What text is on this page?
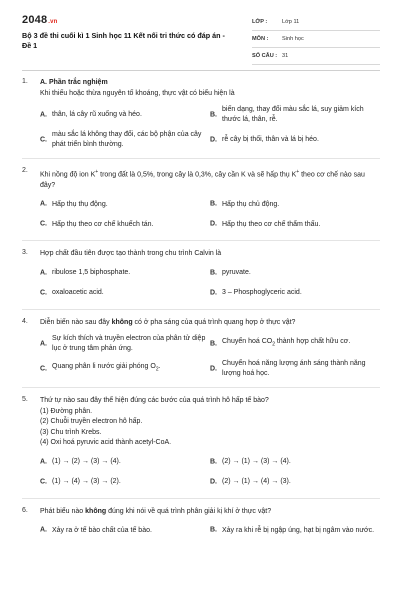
2048.vn
Bộ 3 đề thi cuối kì 1 Sinh học 11 Kết nối tri thức có đáp án - Đề 1
LỚP :	Lớp 11
MÔN : Sinh học
SỐ CÂU : 31
1. A. Phần trắc nghiệm
Khi thiếu hoặc thừa nguyên tố khoáng, thực vật có biểu hiện là
A. thân, lá cây rũ xuống và héo.	B.
biến dạng, thay đổi màu sắc lá, suy giảm kích thước lá, thân, rễ.
C.
màu sắc lá không thay đổi, các bộ phận của cây phát triển bình thường.
D. rễ cây bị thối, thân và lá bị héo.
2.
Khi nồng độ ion K+ trong đất là 0,5%, trong cây là 0,3%, cây cần K và sẽ hấp thụ K+ theo cơ chế nào sau đây?
A. Hấp thụ thụ động.	B. Hấp thụ chủ động.
C. Hấp thụ theo cơ chế khuếch tán.	D. Hấp thụ theo cơ chế thẩm thấu.
3. Hợp chất đầu tiên được tạo thành trong chu trình Calvin là
A. ribulose 1,5 biphosphate.	B. pyruvate.
C. oxaloacetic acid.	D. 3 – Phosphoglyceric acid.
4. Diễn biến nào sau đây không có ở pha sáng của quá trình quang hợp ở thực vật?
A.
Sự kích thích và truyền electron của phân tử diệp lục ở trung tâm phản ứng.
B. Chuyển hoá $CO_2$ thành hợp chất hữu cơ.
C. Quang phân li nước giải phóng $O_2$.	D.
Chuyển hoá năng lượng ánh sáng thành năng lượng hoá học.
5. Thứ tự nào sau đây thể hiện đúng các bước của quá trình hô hấp tế bào?
(1) Đường phân.
(2) Chuỗi truyền electron hô hấp.
(3) Chu trình Krebs.
(4) Oxi hoá pyruvic acid thành acetyl-CoA.
A. (1) → (2) → (3) → (4).	B. (2) → (1) → (3) → (4).
C. (1) → (4) → (3) → (2).	D. (2) → (1) → (4) → (3).
6. Phát biểu nào không đúng khi nói về quá trình phân giải kị khí ở thực vật?
A. Xảy ra ở tế bào chất của tế bào.	B. Xảy ra khi rễ bị ngập úng, hạt bị ngâm vào nước.
